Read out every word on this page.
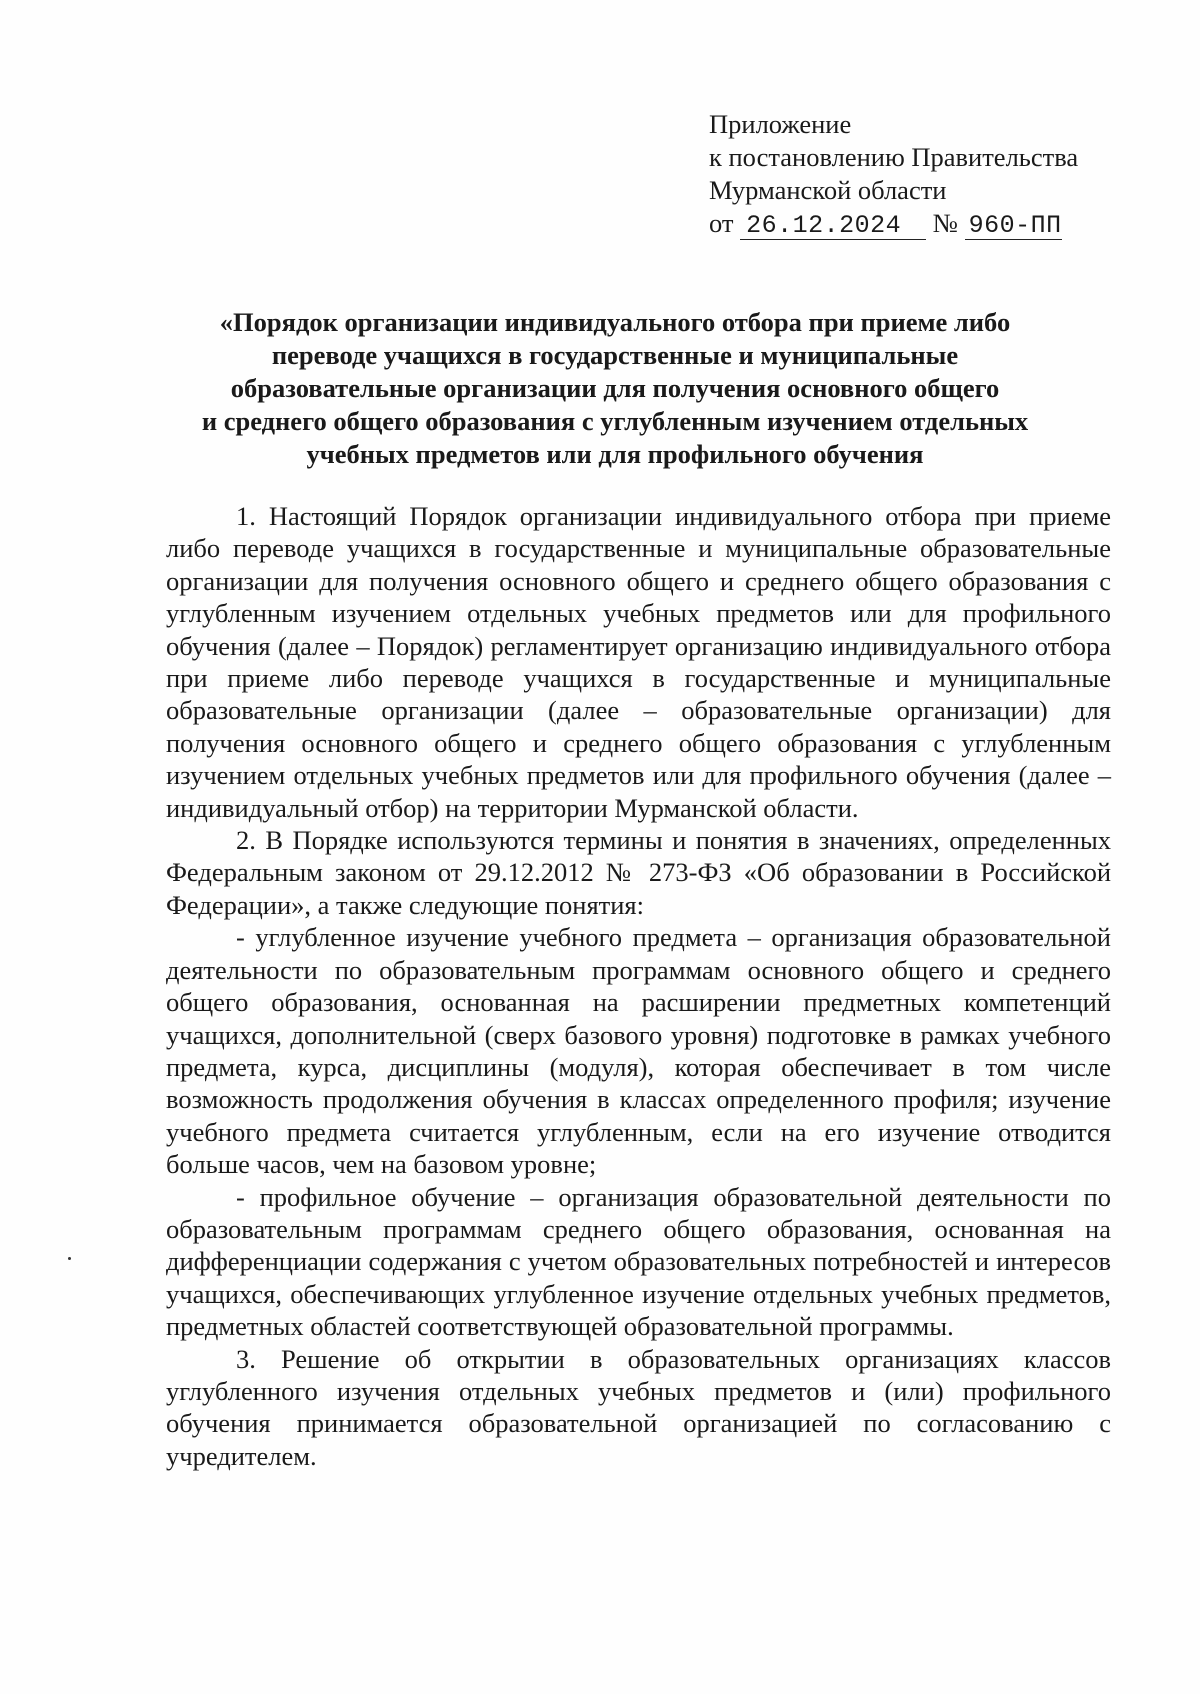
Приложение
к постановлению Правительства
Мурманской области
от 26.12.2024 № 960-ПП
«Порядок организации индивидуального отбора при приеме либо
переводе учащихся в государственные и муниципальные
образовательные организации для получения основного общего
и среднего общего образования с углубленным изучением отдельных
учебных предметов или для профильного обучения

1. Настоящий Порядок организации индивидуального отбора при приеме либо переводе учащихся в государственные и муниципальные образовательные организации для получения основного общего и среднего общего образования с углубленным изучением отдельных учебных предметов или для профильного обучения (далее – Порядок) регламентирует организацию индивидуального отбора при приеме либо переводе учащихся в государственные и муниципальные образовательные организации (далее – образовательные организации) для получения основного общего и среднего общего образования с углубленным изучением отдельных учебных предметов или для профильного обучения (далее – индивидуальный отбор) на территории Мурманской области.

2. В Порядке используются термины и понятия в значениях, определенных Федеральным законом от 29.12.2012 № 273-ФЗ «Об образовании в Российской Федерации», а также следующие понятия:

- углубленное изучение учебного предмета – организация образовательной деятельности по образовательным программам основного общего и среднего общего образования, основанная на расширении предметных компетенций учащихся, дополнительной (сверх базового уровня) подготовке в рамках учебного предмета, курса, дисциплины (модуля), которая обеспечивает в том числе возможность продолжения обучения в классах определенного профиля; изучение учебного предмета считается углубленным, если на его изучение отводится больше часов, чем на базовом уровне;

- профильное обучение – организация образовательной деятельности по образовательным программам среднего общего образования, основанная на дифференциации содержания с учетом образовательных потребностей и интересов учащихся, обеспечивающих углубленное изучение отдельных учебных предметов, предметных областей соответствующей образовательной программы.

3. Решение об открытии в образовательных организациях классов углубленного изучения отдельных учебных предметов и (или) профильного обучения принимается образовательной организацией по согласованию с учредителем.
